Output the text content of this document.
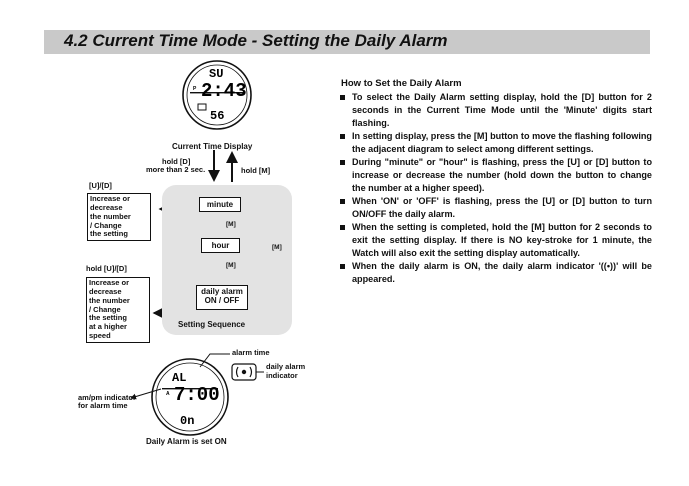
4.2 Current Time Mode - Setting the Daily Alarm
SU
2:43
P
56
AL
7:00
A
0n
Current Time Display
hold [D]
more than 2 sec.	hold [M]
[U]/[D]
Increase or
decrease
the number
/ Change
the setting
hold [U]/[D]
Increase or
decrease
the number
/ Change
the setting
at a higher
speed
minute
hour
daily alarm
ON / OFF
[M]
[M]
[M]
Setting Sequence
alarm time
daily alarm
indicator
am/pm indicator
for alarm time
Daily Alarm is set ON
How to Set the Daily Alarm
To select the Daily Alarm setting display, hold the [D] button for 2 seconds in the Current Time Mode until the 'Minute' digits start flashing.
In setting display, press the [M] button to move the flashing following the adjacent diagram to select among different settings.
During "minute" or "hour" is flashing, press the [U] or [D] button to increase or decrease the number (hold down the button to change the number at a higher speed).
When 'ON' or 'OFF' is flashing, press the [U] or [D] button to turn ON/OFF the daily alarm.
When the setting is completed, hold the [M] button for 2 seconds to exit the setting display. If there is NO key-stroke for 1 minute, the Watch will also exit the setting display automatically.
When the daily alarm is ON, the daily alarm indicator '((•))' will be appeared.
